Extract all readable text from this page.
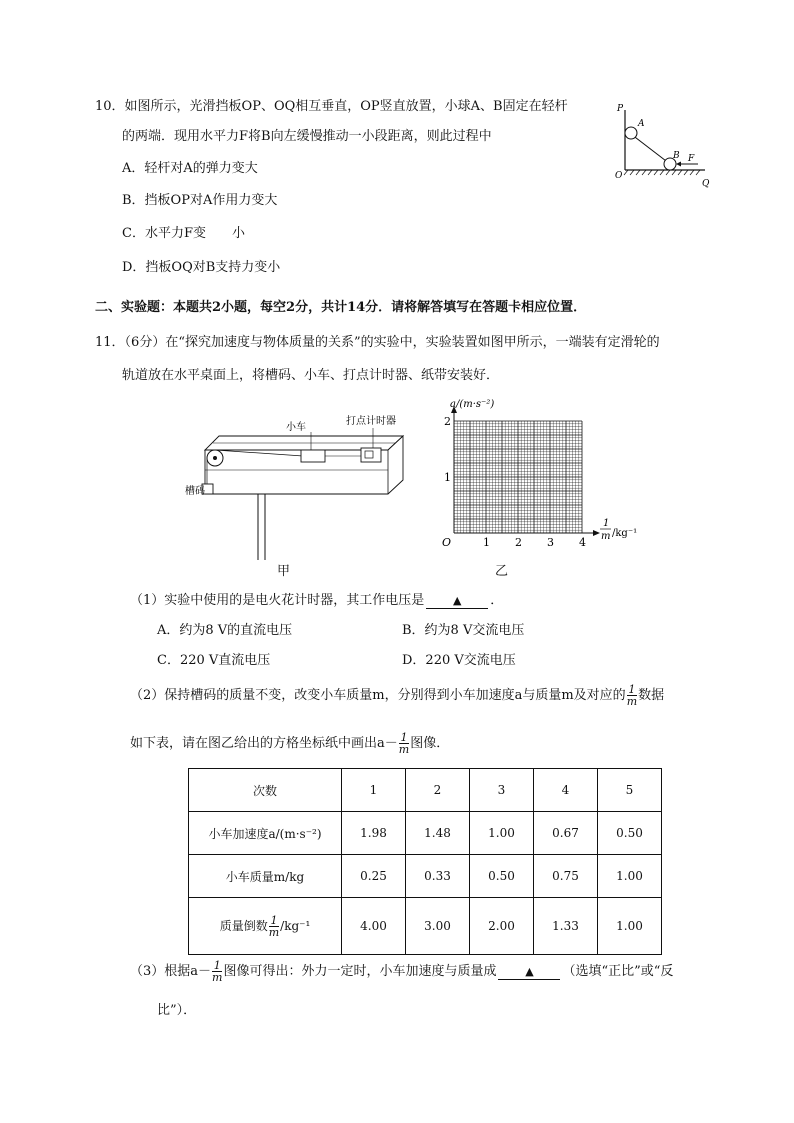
10．如图所示，光滑挡板OP、OQ相互垂直，OP竖直放置，小球A、B固定在轻杆
的两端．现用水平力F将B向左缓慢推动一小段距离，则此过程中
A．轻杆对A的弹力变大
B．挡板OP对A作用力变大
C．水平力F变　　小
D．挡板OQ对B支持力变小
P
A
B F
O
Q
二、实验题：本题共2小题，每空2分，共计14分．请将解答填写在答题卡相应位置．
11．（6分）在“探究加速度与物体质量的关系”的实验中，实验装置如图甲所示，一端装有定滑轮的
轨道放在水平桌面上，将槽码、小车、打点计时器、纸带安装好．
小车
打点计时器
槽码
甲
a/(m·s⁻²)
O
1
2
1 2 3 4
1
m /kg⁻¹
乙
（1）实验中使用的是电火花计时器，其工作电压是	▲ ．
A．约为8 V的直流电压	B．约为8 V交流电压
C．220 V直流电压	D．220 V交流电压
（2）保持槽码的质量不变，改变小车质量m，分别得到小车加速度a与质量m及对应的 $\frac{1}{m}$ 数据
如下表，请在图乙给出的方格坐标纸中画出$a- \frac{1}{m}$ 图像．
次数	1	2	3	4	5
小车加速度a/(m·s⁻²)	1.98	1.48	1.00	0.67	0.50
小车质量m/kg	0.25	0.33	0.50	0.75	1.00
质量倒数 $\frac{1}{m} /kg^{-1}$	4.00	3.00	2.00	1.33	1.00
（3）根据$a- \frac{1}{m}$ 图像可得出：外力一定时，小车加速度与质量成	▲ （选填“正比”或“反
比”）．
